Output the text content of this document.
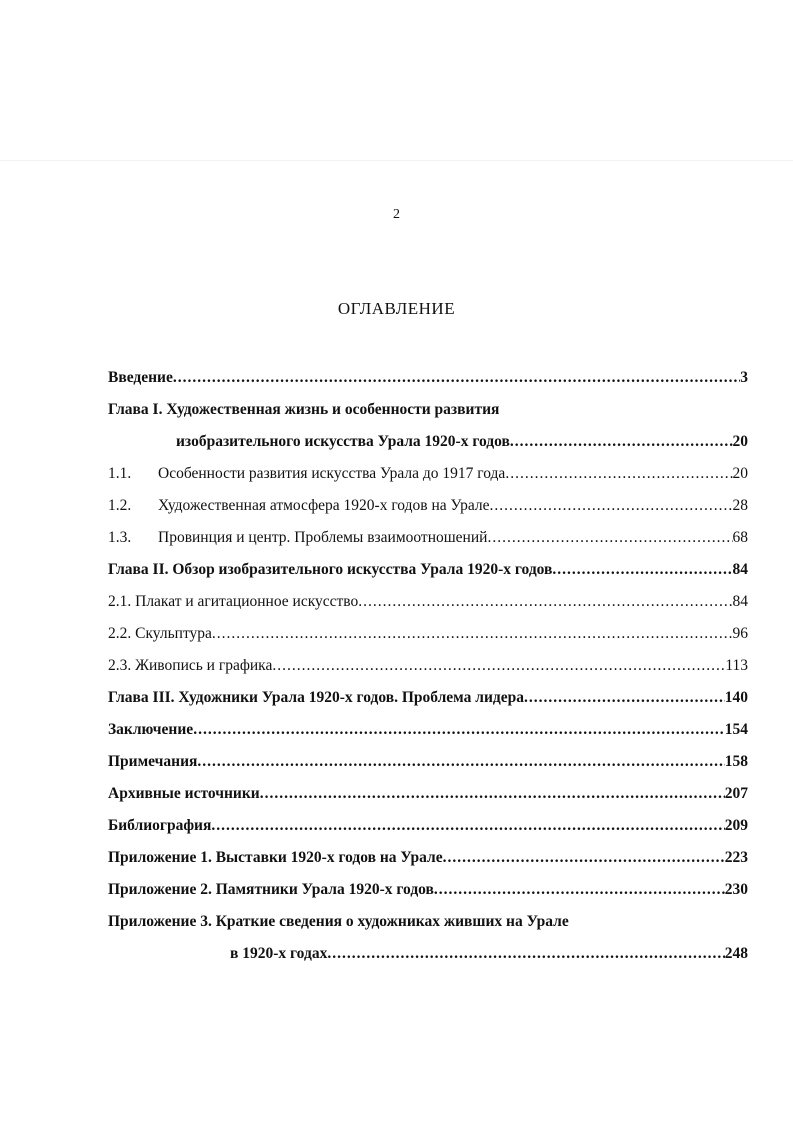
2
ОГЛАВЛЕНИЕ
Введение .....	3
Глава I. Художественная жизнь и особенности развития
изобразительного искусства Урала 1920-х годов .....	20
1.1. Особенности развития искусства Урала до 1917 года .....	20
1.2. Художественная атмосфера 1920-х годов на Урале .....	28
1.3. Провинция и центр. Проблемы взаимоотношений .....	68
Глава II. Обзор изобразительного искусства Урала 1920-х годов .....	84
2.1. Плакат и агитационное искусство .....	84
2.2. Скульптура .....	96
2.3. Живопись и графика .....	113
Глава III. Художники Урала 1920-х годов. Проблема лидера .....	140
Заключение .....	154
Примечания .....	158
Архивные источники .....	207
Библиография .....	209
Приложение 1. Выставки 1920-х годов на Урале .....	223
Приложение 2. Памятники Урала 1920-х годов .....	230
Приложение 3. Краткие сведения о художниках живших на Урале
в 1920-х годах .....	248
